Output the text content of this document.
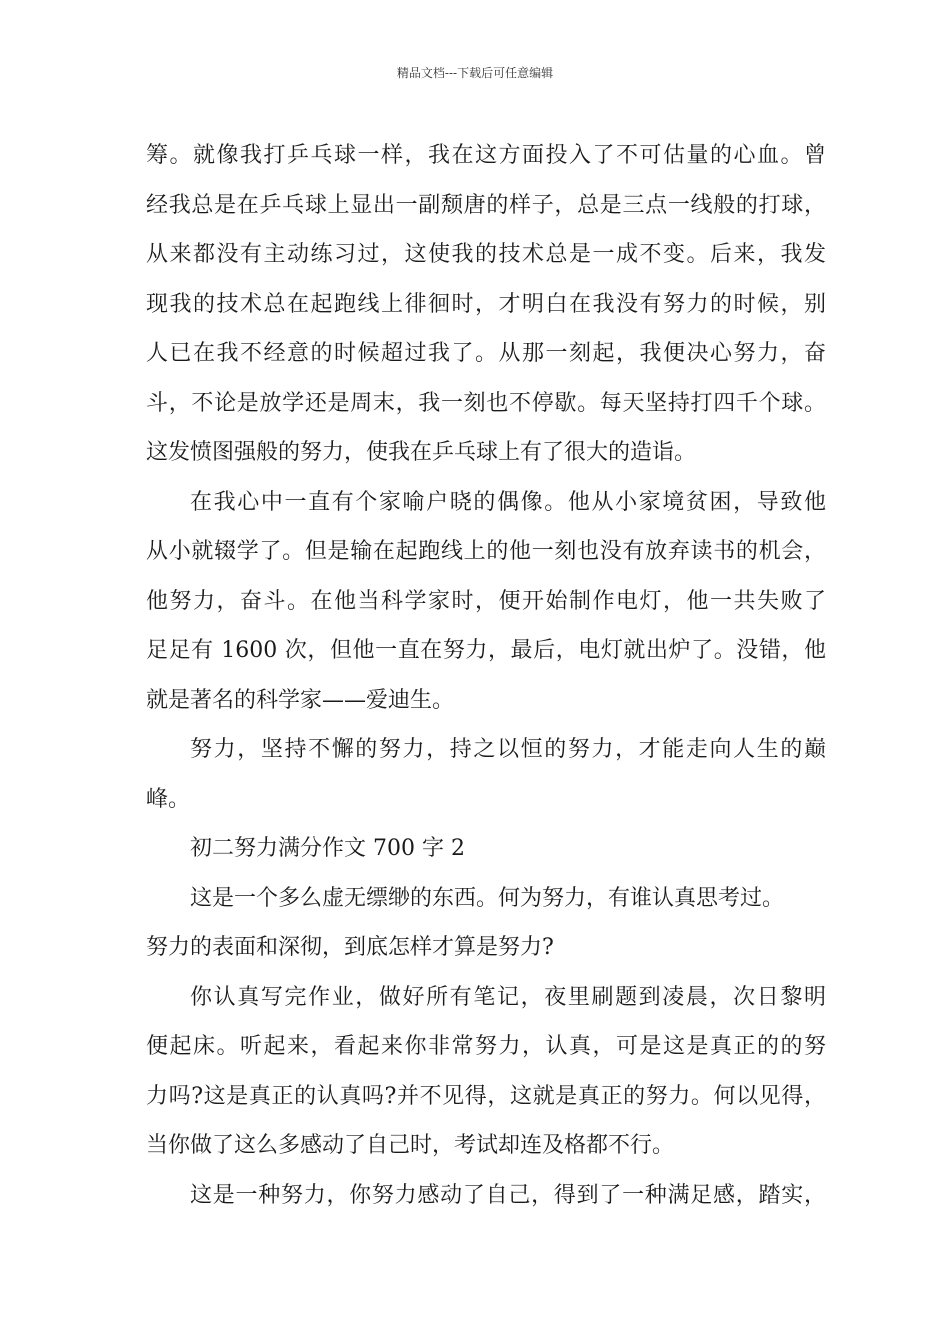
精品文档---下载后可任意编辑
筹。就像我打乒乓球一样，我在这方面投入了不可估量的心血。曾
经我总是在乒乓球上显出一副颓唐的样子，总是三点一线般的打球，
从来都没有主动练习过，这使我的技术总是一成不变。后来，我发
现我的技术总在起跑线上徘徊时，才明白在我没有努力的时候，别
人已在我不经意的时候超过我了。从那一刻起，我便决心努力，奋
斗，不论是放学还是周末，我一刻也不停歇。每天坚持打四千个球。
这发愤图强般的努力，使我在乒乓球上有了很大的造诣。
在我心中一直有个家喻户晓的偶像。他从小家境贫困，导致他
从小就辍学了。但是输在起跑线上的他一刻也没有放弃读书的机会，
他努力，奋斗。在他当科学家时，便开始制作电灯，他一共失败了
足足有 1600 次，但他一直在努力，最后，电灯就出炉了。没错，他
就是著名的科学家——爱迪生。
努力，坚持不懈的努力，持之以恒的努力，才能走向人生的巅
峰。
初二努力满分作文 700 字 2
这是一个多么虚无缥缈的东西。何为努力，有谁认真思考过。
努力的表面和深彻，到底怎样才算是努力?
你认真写完作业，做好所有笔记，夜里刷题到凌晨，次日黎明
便起床。听起来，看起来你非常努力，认真，可是这是真正的的努
力吗?这是真正的认真吗?并不见得，这就是真正的努力。何以见得，
当你做了这么多感动了自己时，考试却连及格都不行。
这是一种努力，你努力感动了自己，得到了一种满足感，踏实，
